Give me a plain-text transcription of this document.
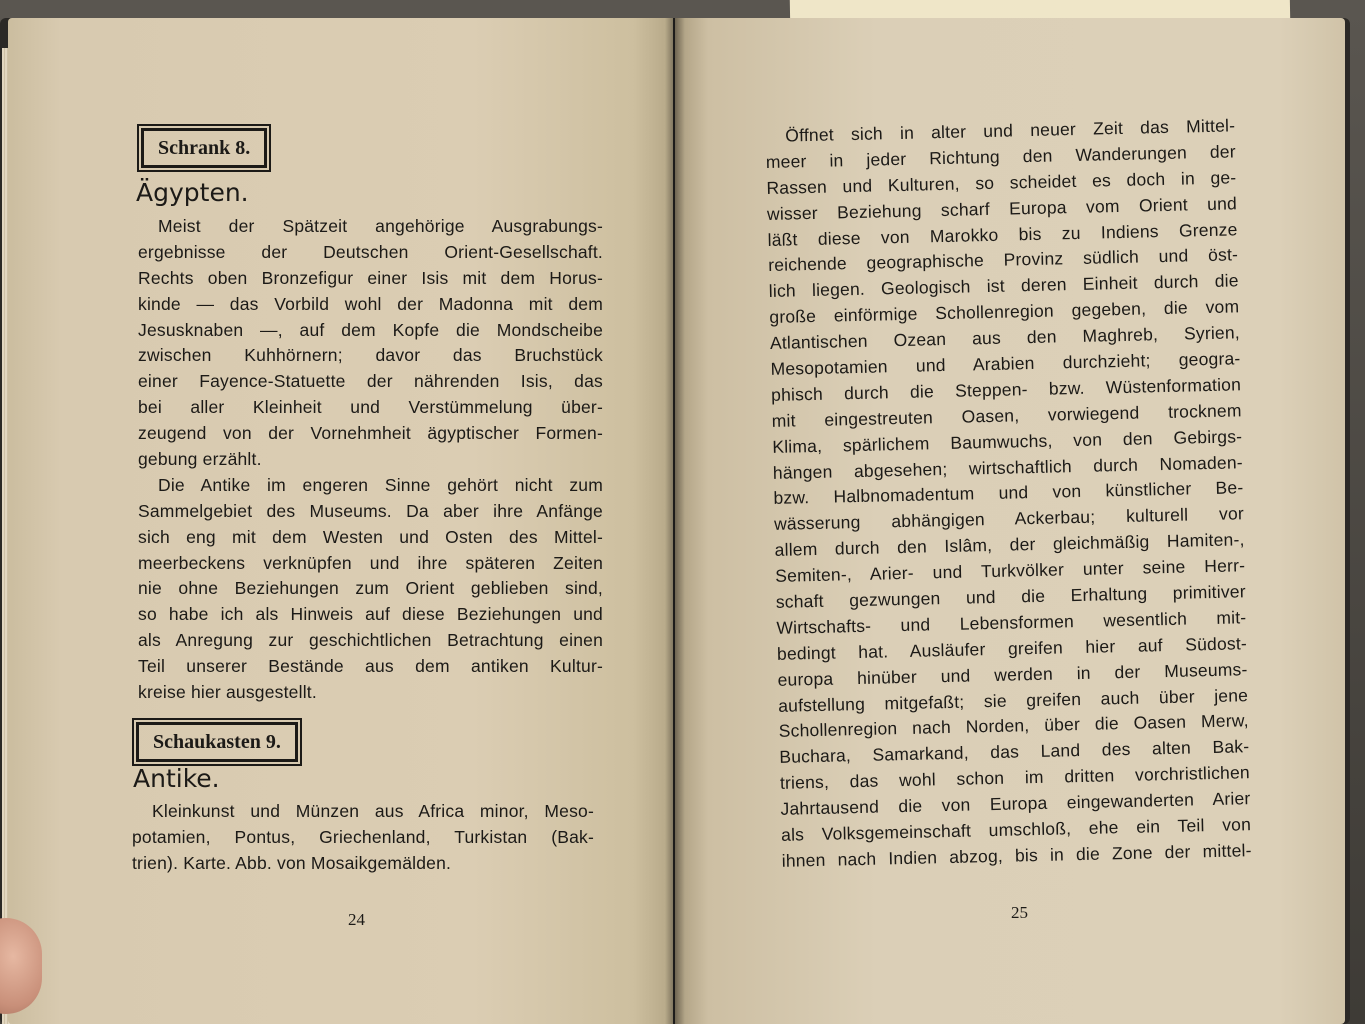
Schrank 8.
Ägypten.
Meist der Spätzeit angehörige Ausgrabungs-
ergebnisse der Deutschen Orient-Gesellschaft.
Rechts oben Bronzefigur einer Isis mit dem Horus-
kinde — das Vorbild wohl der Madonna mit dem
Jesusknaben —, auf dem Kopfe die Mondscheibe
zwischen Kuhhörnern; davor das Bruchstück
einer Fayence-Statuette der nährenden Isis, das
bei aller Kleinheit und Verstümmelung über-
zeugend von der Vornehmheit ägyptischer Formen-
gebung erzählt.
Die Antike im engeren Sinne gehört nicht zum
Sammelgebiet des Museums. Da aber ihre Anfänge
sich eng mit dem Westen und Osten des Mittel-
meerbeckens verknüpfen und ihre späteren Zeiten
nie ohne Beziehungen zum Orient geblieben sind,
so habe ich als Hinweis auf diese Beziehungen und
als Anregung zur geschichtlichen Betrachtung einen
Teil unserer Bestände aus dem antiken Kultur-
kreise hier ausgestellt.
Schaukasten 9.
Antike.
Kleinkunst und Münzen aus Africa minor, Meso-
potamien, Pontus, Griechenland, Turkistan (Bak-
trien). Karte. Abb. von Mosaikgemälden.
24
Öffnet sich in alter und neuer Zeit das Mittel-
meer in jeder Richtung den Wanderungen der
Rassen und Kulturen, so scheidet es doch in ge-
wisser Beziehung scharf Europa vom Orient und
läßt diese von Marokko bis zu Indiens Grenze
reichende geographische Provinz südlich und öst-
lich liegen. Geologisch ist deren Einheit durch die
große einförmige Schollenregion gegeben, die vom
Atlantischen Ozean aus den Maghreb, Syrien,
Mesopotamien und Arabien durchzieht; geogra-
phisch durch die Steppen- bzw. Wüstenformation
mit eingestreuten Oasen, vorwiegend trocknem
Klima, spärlichem Baumwuchs, von den Gebirgs-
hängen abgesehen; wirtschaftlich durch Nomaden-
bzw. Halbnomadentum und von künstlicher Be-
wässerung abhängigen Ackerbau; kulturell vor
allem durch den Islâm, der gleichmäßig Hamiten-,
Semiten-, Arier- und Turkvölker unter seine Herr-
schaft gezwungen und die Erhaltung primitiver
Wirtschafts- und Lebensformen wesentlich mit-
bedingt hat. Ausläufer greifen hier auf Südost-
europa hinüber und werden in der Museums-
aufstellung mitgefaßt; sie greifen auch über jene
Schollenregion nach Norden, über die Oasen Merw,
Buchara, Samarkand, das Land des alten Bak-
triens, das wohl schon im dritten vorchristlichen
Jahrtausend die von Europa eingewanderten Arier
als Volksgemeinschaft umschloß, ehe ein Teil von
ihnen nach Indien abzog, bis in die Zone der mittel-
25
